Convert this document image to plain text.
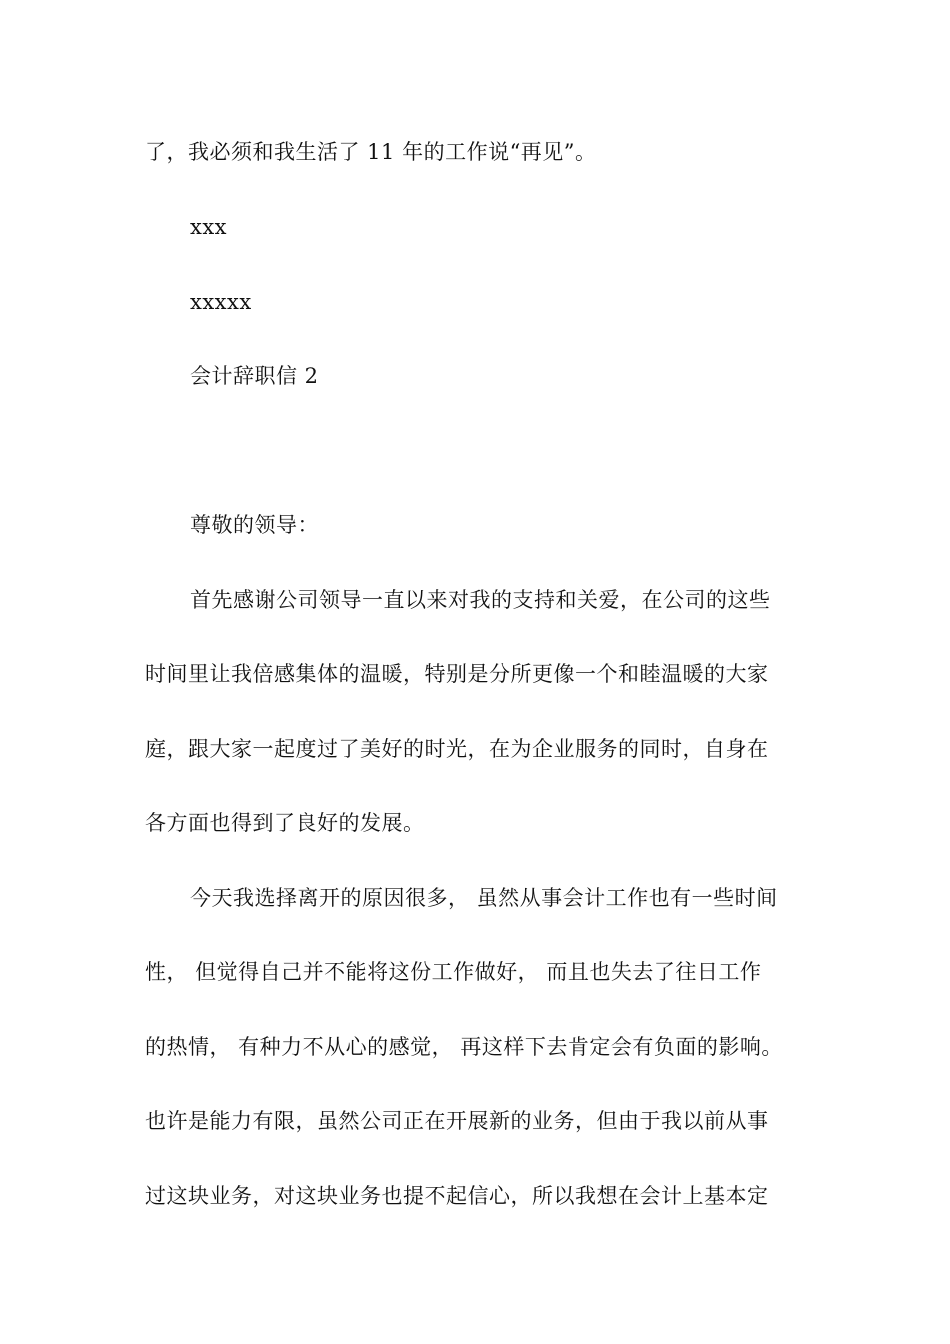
了，我必须和我生活了 11 年的工作说“再见”。
xxx
xxxxx
会计辞职信 2
尊敬的领导：
首先感谢公司领导一直以来对我的支持和关爱，在公司的这些
时间里让我倍感集体的温暖，特别是分所更像一个和睦温暖的大家
庭，跟大家一起度过了美好的时光，在为企业服务的同时，自身在
各方面也得到了良好的发展。
今天我选择离开的原因很多， 虽然从事会计工作也有一些时间
性， 但觉得自己并不能将这份工作做好， 而且也失去了往日工作
的热情， 有种力不从心的感觉， 再这样下去肯定会有负面的影响。
也许是能力有限，虽然公司正在开展新的业务，但由于我以前从事
过这块业务，对这块业务也提不起信心，所以我想在会计上基本定
